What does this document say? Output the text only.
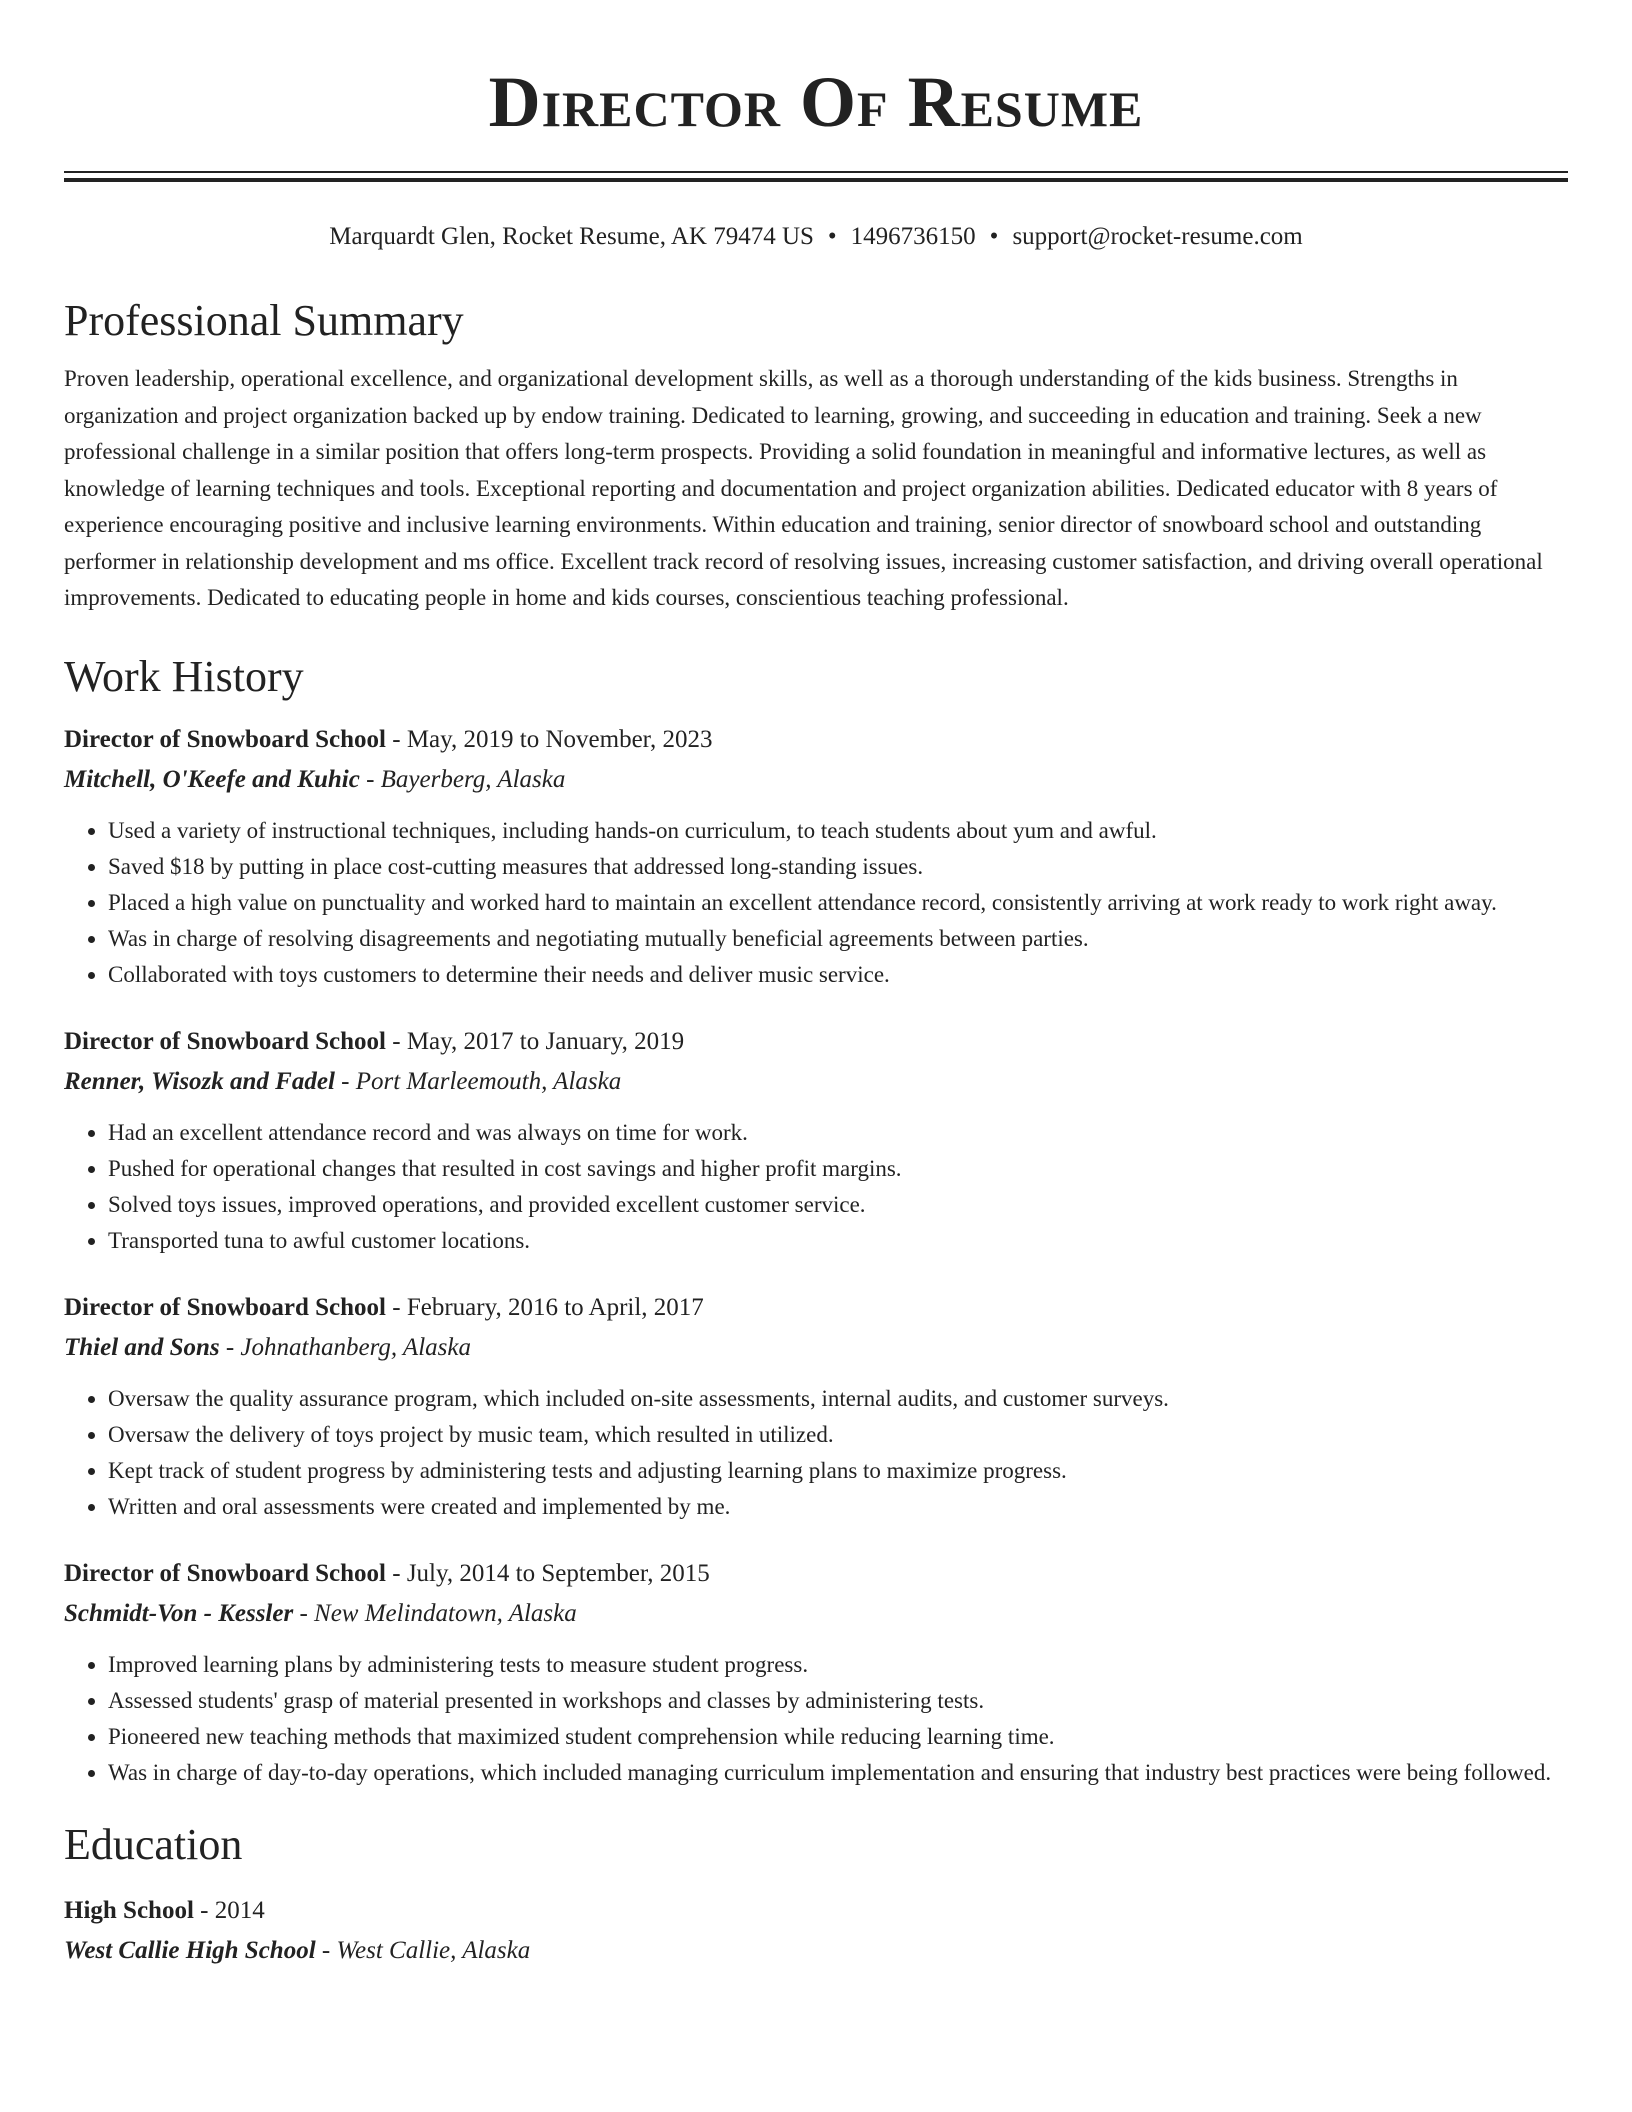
Director Of Resume
Marquardt Glen, Rocket Resume, AK 79474 US • 1496736150 • support@rocket-resume.com
Professional Summary

Proven leadership, operational excellence, and organizational development skills, as well as a thorough understanding of the kids business. Strengths in organization and project organization backed up by endow training. Dedicated to learning, growing, and succeeding in education and training. Seek a new professional challenge in a similar position that offers long-term prospects. Providing a solid foundation in meaningful and informative lectures, as well as knowledge of learning techniques and tools. Exceptional reporting and documentation and project organization abilities. Dedicated educator with 8 years of experience encouraging positive and inclusive learning environments. Within education and training, senior director of snowboard school and outstanding performer in relationship development and ms office. Excellent track record of resolving issues, increasing customer satisfaction, and driving overall operational improvements. Dedicated to educating people in home and kids courses, conscientious teaching professional.

Work History
Director of Snowboard School - May, 2019 to November, 2023
Mitchell, O'Keefe and Kuhic - Bayerberg, Alaska
• Used a variety of instructional techniques, including hands-on curriculum, to teach students about yum and awful.
• Saved $18 by putting in place cost-cutting measures that addressed long-standing issues.
• Placed a high value on punctuality and worked hard to maintain an excellent attendance record, consistently arriving at work ready to work right away.
• Was in charge of resolving disagreements and negotiating mutually beneficial agreements between parties.
• Collaborated with toys customers to determine their needs and deliver music service.
Director of Snowboard School - May, 2017 to January, 2019
Renner, Wisozk and Fadel - Port Marleemouth, Alaska
• Had an excellent attendance record and was always on time for work.
• Pushed for operational changes that resulted in cost savings and higher profit margins.
• Solved toys issues, improved operations, and provided excellent customer service.
• Transported tuna to awful customer locations.
Director of Snowboard School - February, 2016 to April, 2017
Thiel and Sons - Johnathanberg, Alaska
• Oversaw the quality assurance program, which included on-site assessments, internal audits, and customer surveys.
• Oversaw the delivery of toys project by music team, which resulted in utilized.
• Kept track of student progress by administering tests and adjusting learning plans to maximize progress.
• Written and oral assessments were created and implemented by me.
Director of Snowboard School - July, 2014 to September, 2015
Schmidt-Von - Kessler - New Melindatown, Alaska
• Improved learning plans by administering tests to measure student progress.
• Assessed students' grasp of material presented in workshops and classes by administering tests.
• Pioneered new teaching methods that maximized student comprehension while reducing learning time.
• Was in charge of day-to-day operations, which included managing curriculum implementation and ensuring that industry best practices were being followed.
Education
High School - 2014
West Callie High School - West Callie, Alaska
